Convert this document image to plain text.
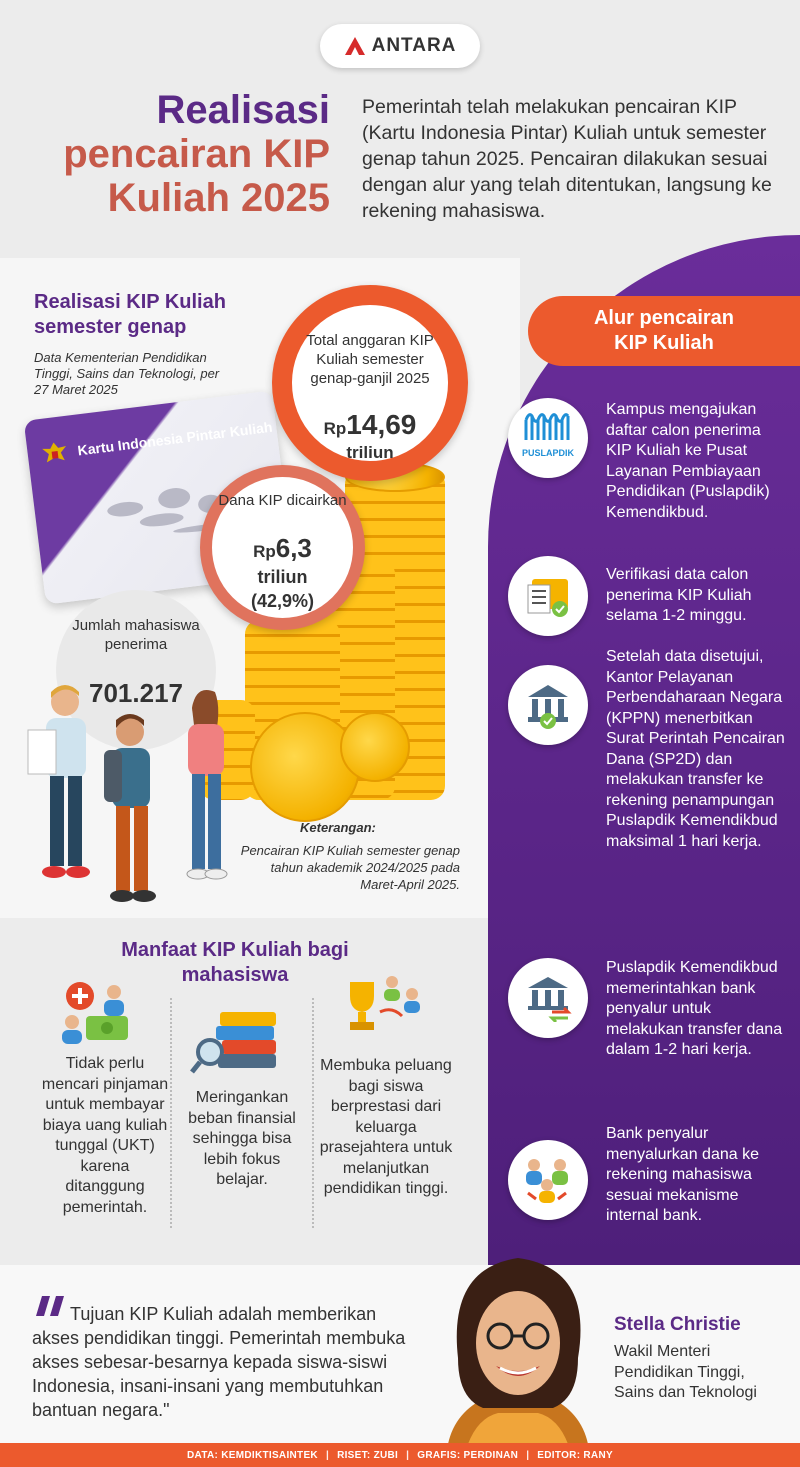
ANTARA
Realisasi
pencairan KIP
Kuliah 2025
Pemerintah telah melakukan pencairan KIP (Kartu Indonesia Pintar) Kuliah untuk semester genap tahun 2025. Pencairan dilakukan sesuai dengan alur yang telah ditentukan, langsung ke rekening mahasiswa.
Realisasi KIP Kuliah semester genap
Data Kementerian Pendidikan Tinggi, Sains dan Teknologi, per 27 Maret 2025
Kartu Indonesia Pintar Kuliah
Total anggaran KIP Kuliah semester genap-ganjil 2025
Rp14,69
triliun
Dana KIP dicairkan
Rp6,3
triliun
(42,9%)
Jumlah mahasiswa penerima
701.217
Keterangan:
Pencairan KIP Kuliah semester genap tahun akademik 2024/2025 pada Maret-April 2025.
Alur pencairan
KIP Kuliah
PUSLAPDIK
Kampus mengajukan daftar calon penerima KIP Kuliah ke Pusat Layanan Pembiayaan Pendidikan (Puslapdik) Kemendikbud.
Verifikasi data calon penerima KIP Kuliah selama 1-2 minggu.
Setelah data disetujui, Kantor Pelayanan Perbendaharaan Negara (KPPN) menerbitkan Surat Perintah Pencairan Dana (SP2D) dan melakukan transfer ke rekening penampungan Puslapdik Kemendikbud maksimal 1 hari kerja.
Puslapdik Kemendikbud memerintahkan bank penyalur untuk melakukan transfer dana dalam 1-2 hari kerja.
Bank penyalur menyalurkan dana ke rekening mahasiswa sesuai mekanisme internal bank.
Manfaat KIP Kuliah bagi mahasiswa
Tidak perlu mencari pinjaman untuk membayar biaya uang kuliah tunggal (UKT) karena ditanggung pemerintah.
Meringankan beban finansial sehingga bisa lebih fokus belajar.
Membuka peluang bagi siswa berprestasi dari keluarga prasejahtera untuk melanjutkan pendidikan tinggi.
Tujuan KIP Kuliah adalah memberikan akses pendidikan tinggi. Pemerintah membuka akses sebesar-besarnya kepada siswa-siswi Indonesia, insani-insani yang membutuhkan bantuan negara."
Stella Christie
Wakil Menteri Pendidikan Tinggi, Sains dan Teknologi
DATA: KEMDIKTISAINTEK | RISET: ZUBI | GRAFIS: PERDINAN | EDITOR: RANY
